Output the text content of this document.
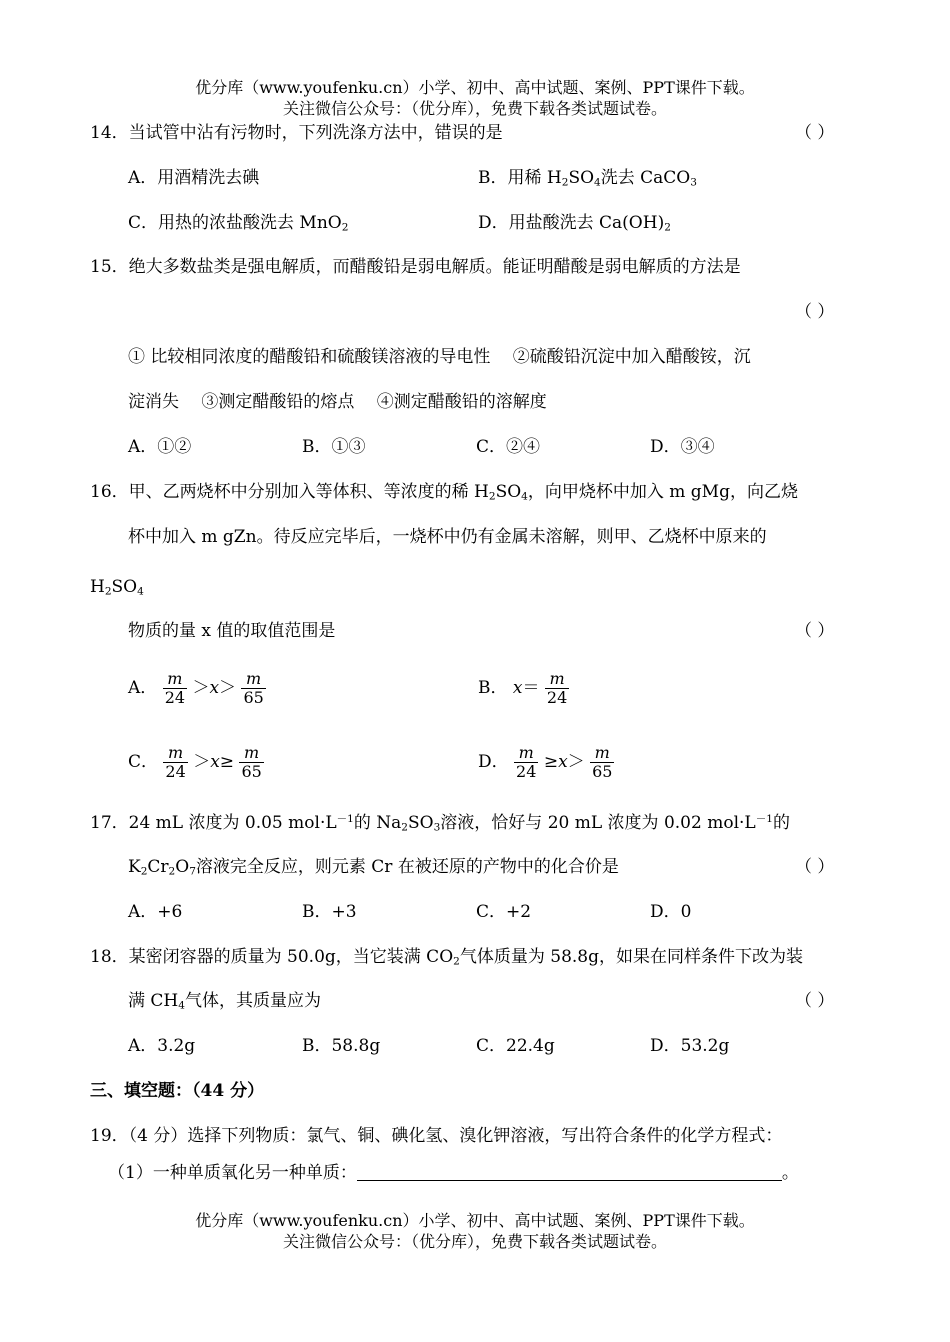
优分库（www.youfenku.cn）小学、初中、高中试题、案例、PPT课件下载。
关注微信公众号：（优分库），免费下载各类试题试卷。
14．当试管中沾有污物时，下列洗涤方法中，错误的是	（ ）
A．用酒精洗去碘	B．用稀 $H_2SO_4$洗去 CaCO$_3$
C．用热的浓盐酸洗去 MnO$_2$	D．用盐酸洗去 $Ca(OH)_2$
15．绝大多数盐类是强电解质，而醋酸铅是弱电解质。能证明醋酸是弱电解质的方法是
（ ）
① 比较相同浓度的醋酸铅和硫酸镁溶液的导电性　 ②硫酸铅沉淀中加入醋酸铵，沉
淀消失　 ③测定醋酸铅的熔点　 ④测定醋酸铅的溶解度
A．①②	B．①③	C．②④	D．③④
16．甲、乙两烧杯中分别加入等体积、等浓度的稀 $H_2SO_4$，向甲烧杯中加入 m gMg，向乙烧
杯中加入 m gZn。待反应完毕后，一烧杯中仍有金属未溶解，则甲、乙烧杯中原来的
$H_2SO_4$
物质的量 x 值的取值范围是	（ ）
A． $\frac{m}{24} >x> \frac{m}{65}$	B． $x= \frac{m}{24}$
C． $\frac{m}{24} >x\ge \frac{m}{65}$	D． $\frac{m}{24} \ge x> \frac{m}{65}$
17．24 mL 浓度为 0.05 $mol\cdot L^{-1}$的 $Na_2SO_3$溶液，恰好与 20 mL 浓度为 0.02 $mol\cdot L^{-1}$的
$K_2Cr_2O_7$溶液完全反应，则元素 Cr 在被还原的产物中的化合价是	（ ）
A．+6	B．+3	C．+2	D．0
18．某密闭容器的质量为 50.0g，当它装满 $CO_2$气体质量为 58.8g，如果在同样条件下改为装
满 $CH_4$气体，其质量应为	（ ）
A．3.2g	B．58.8g	C．22.4g	D．53.2g
三、填空题：（44 分）
19．（4 分）选择下列物质：氯气、铜、碘化氢、溴化钾溶液，写出符合条件的化学方程式：
（1）一种单质氧化另一种单质：	。
优分库（www.youfenku.cn）小学、初中、高中试题、案例、PPT课件下载。
关注微信公众号：（优分库），免费下载各类试题试卷。
